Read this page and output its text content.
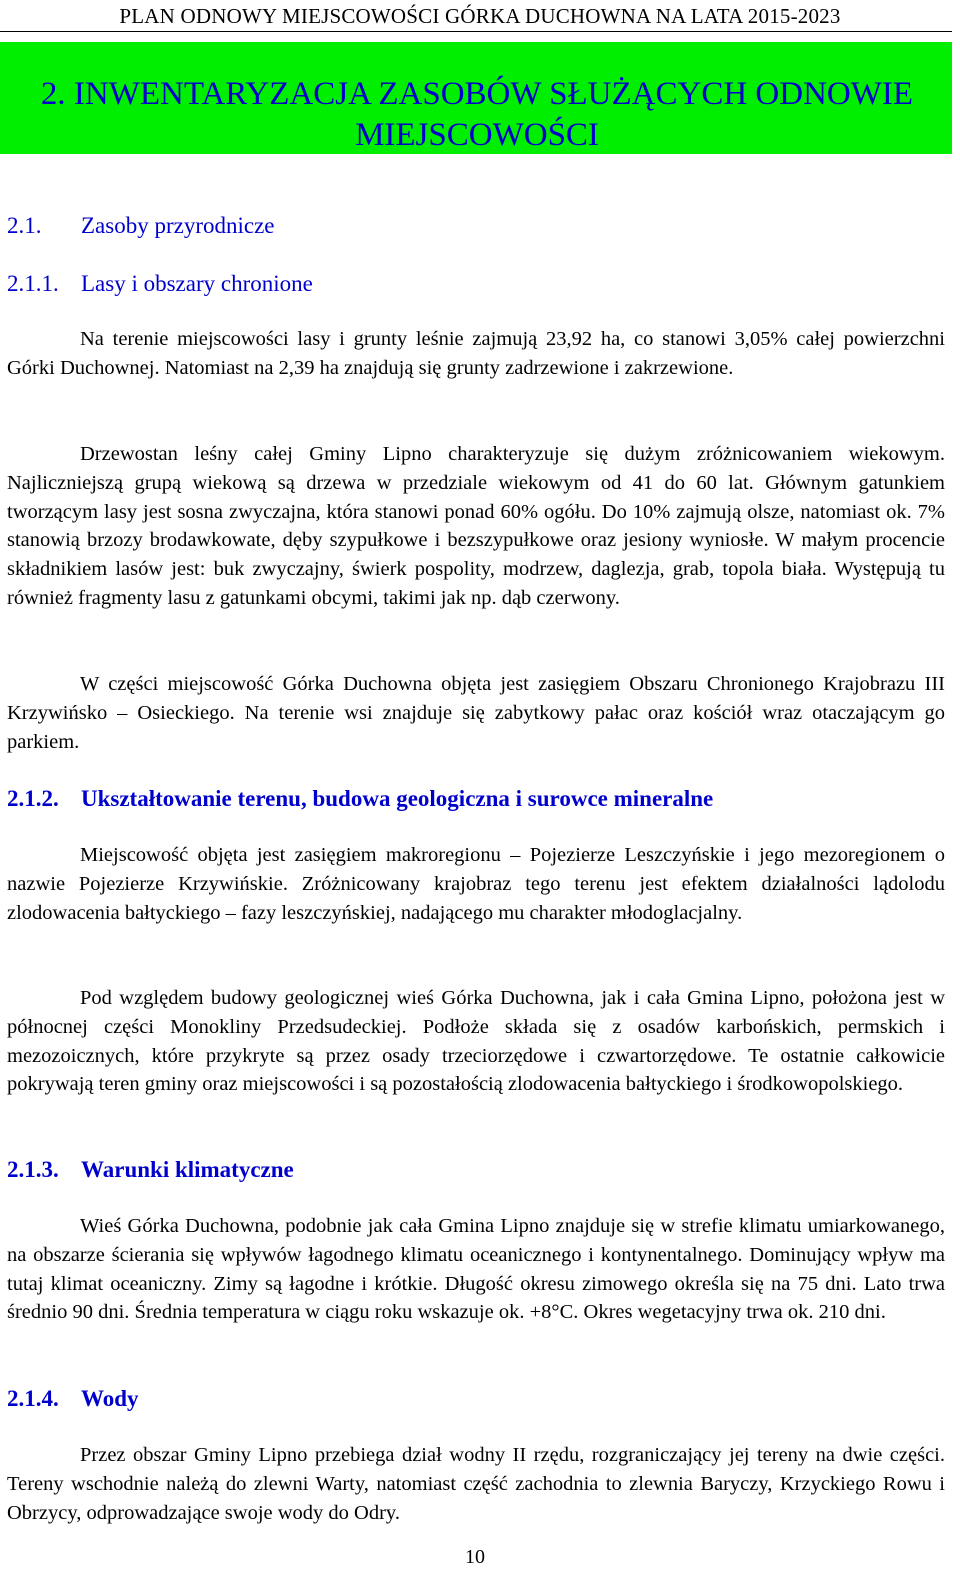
PLAN ODNOWY MIEJSCOWOŚCI GÓRKA DUCHOWNA NA LATA 2015-2023
2. INWENTARYZACJA ZASOBÓW SŁUŻĄCYCH ODNOWIE MIEJSCOWOŚCI
2.1. Zasoby przyrodnicze
2.1.1. Lasy i obszary chronione

Na terenie miejscowości lasy i grunty leśnie zajmują 23,92 ha, co stanowi 3,05% całej powierzchni Górki Duchownej. Natomiast na 2,39 ha znajdują się grunty zadrzewione i zakrzewione.

Drzewostan leśny całej Gminy Lipno charakteryzuje się dużym zróżnicowaniem wiekowym. Najliczniejszą grupą wiekową są drzewa w przedziale wiekowym od 41 do 60 lat. Głównym gatunkiem tworzącym lasy jest sosna zwyczajna, która stanowi ponad 60% ogółu. Do 10% zajmują olsze, natomiast ok. 7% stanowią brzozy brodawkowate, dęby szypułkowe i bezszypułkowe oraz jesiony wyniosłe. W małym procencie składnikiem lasów jest: buk zwyczajny, świerk pospolity, modrzew, daglezja, grab, topola biała. Występują tu również fragmenty lasu z gatunkami obcymi, takimi jak np. dąb czerwony.

W części miejscowość Górka Duchowna objęta jest zasięgiem Obszaru Chronionego Krajobrazu III Krzywińsko – Osieckiego. Na terenie wsi znajduje się zabytkowy pałac oraz kościół wraz otaczającym go parkiem.

2.1.2. Ukształtowanie terenu, budowa geologiczna i surowce mineralne

Miejscowość objęta jest zasięgiem makroregionu – Pojezierze Leszczyńskie i jego mezoregionem o nazwie Pojezierze Krzywińskie. Zróżnicowany krajobraz tego terenu jest efektem działalności lądolodu zlodowacenia bałtyckiego – fazy leszczyńskiej, nadającego mu charakter młodoglacjalny.

Pod względem budowy geologicznej wieś Górka Duchowna, jak i cała Gmina Lipno, położona jest w północnej części Monokliny Przedsudeckiej. Podłoże składa się z osadów karbońskich, permskich i mezozoicznych, które przykryte są przez osady trzeciorzędowe i czwartorzędowe. Te ostatnie całkowicie pokrywają teren gminy oraz miejscowości i są pozostałością zlodowacenia bałtyckiego i środkowopolskiego.

2.1.3. Warunki klimatyczne

Wieś Górka Duchowna, podobnie jak cała Gmina Lipno znajduje się w strefie klimatu umiarkowanego, na obszarze ścierania się wpływów łagodnego klimatu oceanicznego i kontynentalnego. Dominujący wpływ ma tutaj klimat oceaniczny. Zimy są łagodne i krótkie. Długość okresu zimowego określa się na 75 dni. Lato trwa średnio 90 dni. Średnia temperatura w ciągu roku wskazuje ok. +8°C. Okres wegetacyjny trwa ok. 210 dni.

2.1.4. Wody

Przez obszar Gminy Lipno przebiega dział wodny II rzędu, rozgraniczający jej tereny na dwie części. Tereny wschodnie należą do zlewni Warty, natomiast część zachodnia to zlewnia Baryczy, Krzyckiego Rowu i Obrzycy, odprowadzające swoje wody do Odry.

10
